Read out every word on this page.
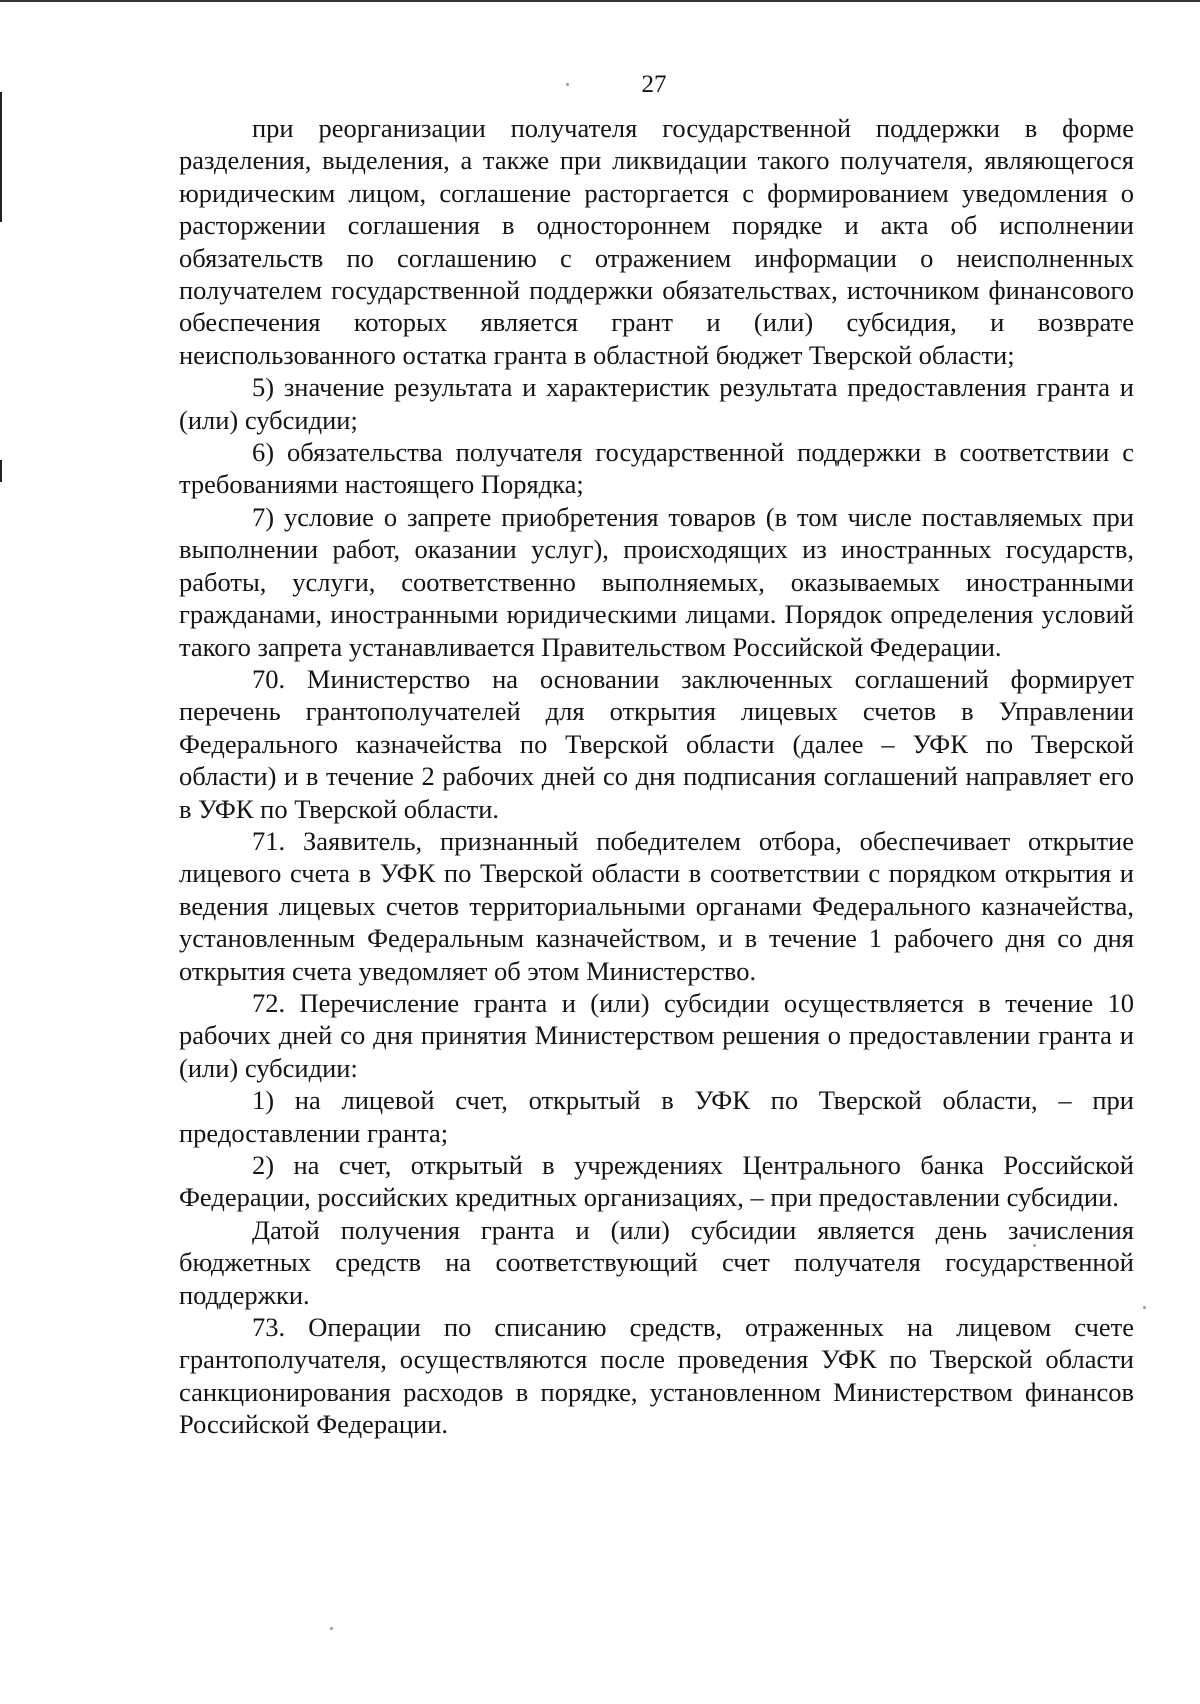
27

при реорганизации получателя государственной поддержки в форме разделения, выделения, а также при ликвидации такого получателя, являющегося юридическим лицом, соглашение расторгается с формированием уведомления о расторжении соглашения в одностороннем порядке и акта об исполнении обязательств по соглашению с отражением информации о неисполненных получателем государственной поддержки обязательствах, источником финансового обеспечения которых является грант и (или) субсидия, и возврате неиспользованного остатка гранта в областной бюджет Тверской области;

5) значение результата и характеристик результата предоставления гранта и (или) субсидии;

6) обязательства получателя государственной поддержки в соответствии с требованиями настоящего Порядка;

7) условие о запрете приобретения товаров (в том числе поставляемых при выполнении работ, оказании услуг), происходящих из иностранных государств, работы, услуги, соответственно выполняемых, оказываемых иностранными гражданами, иностранными юридическими лицами. Порядок определения условий такого запрета устанавливается Правительством Российской Федерации.

70. Министерство на основании заключенных соглашений формирует перечень грантополучателей для открытия лицевых счетов в Управлении Федерального казначейства по Тверской области (далее – УФК по Тверской области) и в течение 2 рабочих дней со дня подписания соглашений направляет его в УФК по Тверской области.

71. Заявитель, признанный победителем отбора, обеспечивает открытие лицевого счета в УФК по Тверской области в соответствии с порядком открытия и ведения лицевых счетов территориальными органами Федерального казначейства, установленным Федеральным казначейством, и в течение 1 рабочего дня со дня открытия счета уведомляет об этом Министерство.

72. Перечисление гранта и (или) субсидии осуществляется в течение 10 рабочих дней со дня принятия Министерством решения о предоставлении гранта и (или) субсидии:

1) на лицевой счет, открытый в УФК по Тверской области, – при предоставлении гранта;

2) на счет, открытый в учреждениях Центрального банка Российской Федерации, российских кредитных организациях, – при предоставлении субсидии.

Датой получения гранта и (или) субсидии является день зачисления бюджетных средств на соответствующий счет получателя государственной поддержки.

73. Операции по списанию средств, отраженных на лицевом счете грантополучателя, осуществляются после проведения УФК по Тверской области санкционирования расходов в порядке, установленном Министерством финансов Российской Федерации.
